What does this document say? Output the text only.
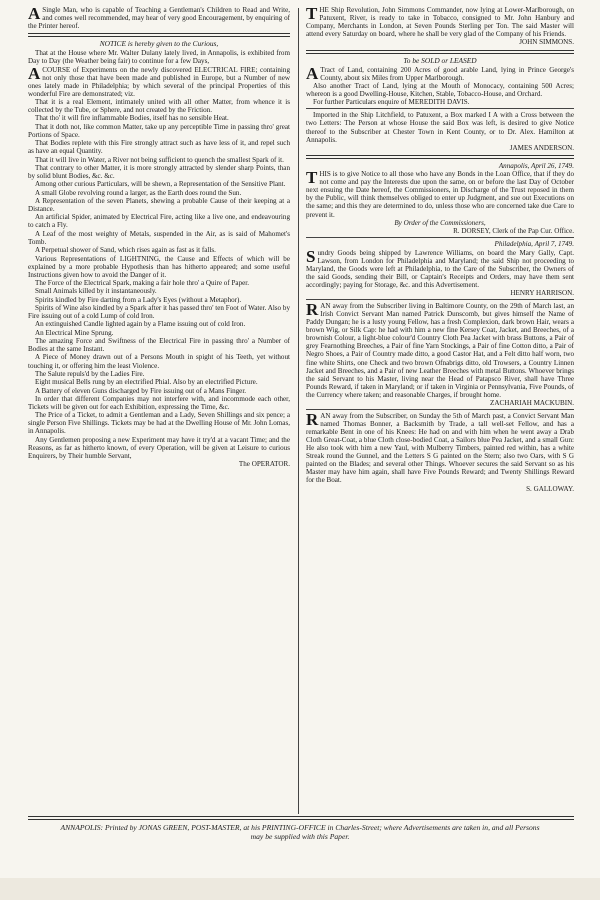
ASingle Man, who is capable of Teaching a Gentleman's Children to Read and Write, and comes well recommended, may hear of very good Encouragement, by enquiring of the Printer hereof.

NOTICE is hereby given to the Curious,

That at the House where Mr. Walter Dulany lately lived, in Annapolis, is exhibited from Day to Day (the Weather being fair) to continue for a few Days,

ACOURSE of Experiments on the newly discovered ELECTRICAL FIRE; containing not only those that have been made and published in Europe, but a Number of new ones lately made in Philadelphia; by which several of the principal Properties of this wonderful Fire are demonstrated; viz.

That it is a real Element, intimately united with all other Matter, from whence it is collected by the Tube, or Sphere, and not created by the Friction.

That tho' it will fire inflammable Bodies, itself has no sensible Heat.

That it doth not, like common Matter, take up any perceptible Time in passing thro' great Portions of Space.

That Bodies replete with this Fire strongly attract such as have less of it, and repel such as have an equal Quantity.

That it will live in Water, a River not being sufficient to quench the smallest Spark of it.

That contrary to other Matter, it is more strongly attracted by slender sharp Points, than by solid blunt Bodies, &c. &c.

Among other curious Particulars, will be shewn, a Representation of the Sensitive Plant.

A small Globe revolving round a larger, as the Earth does round the Sun.

A Representation of the seven Planets, shewing a probable Cause of their keeping at a Distance.

An artificial Spider, animated by Electrical Fire, acting like a live one, and endeavouring to catch a Fly.

A Leaf of the most weighty of Metals, suspended in the Air, as is said of Mahomet's Tomb.

A Perpetual shower of Sand, which rises again as fast as it falls.

Various Representations of LIGHTNING, the Cause and Effects of which will be explained by a more probable Hypothesis than has hitherto appeared; and some useful Instructions given how to avoid the Danger of it.

The Force of the Electrical Spark, making a fair hole thro' a Quire of Paper.

Small Animals killed by it instantaneously.

Spirits kindled by Fire darting from a Lady's Eyes (without a Metaphor).

Spirits of Wine also kindled by a Spark after it has passed thro' ten Foot of Water. Also by Fire issuing out of a cold Lump of cold Iron.

An extinguished Candle lighted again by a Flame issuing out of cold Iron.

An Electrical Mine Sprung.

The amazing Force and Swiftness of the Electrical Fire in passing thro' a Number of Bodies at the same Instant.

A Piece of Money drawn out of a Persons Mouth in spight of his Teeth, yet without touching it, or offering him the least Violence.

The Salute repuls'd by the Ladies Fire.

Eight musical Bells rung by an electrified Phial. Also by an electrified Picture.

A Battery of eleven Guns discharged by Fire issuing out of a Mans Finger.

In order that different Companies may not interfere with, and incommode each other, Tickets will be given out for each Exhibition, expressing the Time, &c.

The Price of a Ticket, to admit a Gentleman and a Lady, Seven Shillings and six pence; a single Person Five Shillings. Tickets may be had at the Dwelling House of Mr. John Lomas, in Annapolis.

Any Gentlemen proposing a new Experiment may have it try'd at a vacant Time; and the Reasons, as far as hitherto known, of every Operation, will be given at Leisure to curious Enquirers, by Their humble Servant,

The OPERATOR.

THE Ship Revolution, John Simmons Commander, now lying at Lower-Marlborough, on Patuxent, River, is ready to take in Tobacco, consigned to Mr. John Hanbury and Company, Merchants in London, at Seven Pounds Sterling per Ton. The said Master will attend every Saturday on board, where he shall be very glad of the Company of his Friends.

JOHN SIMMONS.

To be SOLD or LEASED

ATract of Land, containing 200 Acres of good arable Land, lying in Prince George's County, about six Miles from Upper Marlborough.

Also another Tract of Land, lying at the Mouth of Monocacy, containing 500 Acres; whereon is a good Dwelling-House, Kitchen, Stable, Tobacco-House, and Orchard.

For further Particulars enquire of MEREDITH DAVIS.

Imported in the Ship Litchfield, to Patuxent, a Box marked I A with a Cross between the two Letters: The Person at whose House the said Box was left, is desired to give Notice thereof to the Subscriber at Chester Town in Kent County, or to Dr. Alex. Hamilton at Annapolis.

JAMES ANDERSON.

Annapolis, April 26, 1749.

THIS is to give Notice to all those who have any Bonds in the Loan Office, that if they do not come and pay the Interests due upon the same, on or before the last Day of October next ensuing the Date hereof, the Commissioners, in Discharge of the Trust reposed in them by the Public, will think themselves obliged to enter up Judgment, and sue out Executions on the same; and this they are determined to do, unless those who are concerned take due Care to prevent it.

By Order of the Commissioners,

R. DORSEY, Clerk of the Pap Cur. Office.

Philadelphia, April 7, 1749.

Sundry Goods being shipped by Lawrence Williams, on board the Mary Gally, Capt. Lawson, from London for Philadelphia and Maryland; the said Ship not proceeding to Maryland, the Goods were left at Philadelphia, to the Care of the Subscriber, the Owners of the said Goods, sending their Bill, or Captain's Receipts and Orders, may have them sent accordingly; paying for Storage, &c. and this Advertisement.

HENRY HARRISON.

RAN away from the Subscriber living in Baltimore County, on the 29th of March last, an Irish Convict Servant Man named Patrick Dunscomb, but gives himself the Name of Paddy Dungan; he is a lusty young Fellow, has a fresh Complexion, dark brown Hair, wears a brown Wig, or Silk Cap: he had with him a new fine Kersey Coat, Jacket, and Breeches, of a brownish Colour, a light-blue colour'd Country Cloth Pea Jacket with brass Buttons, a Pair of grey Fearnothing Breeches, a Pair of fine Yarn Stockings, a Pair of fine Cotton ditto, a Pair of Negro Shoes, a Pair of Country made ditto, a good Castor Hat, and a Felt ditto half worn, two fine white Shirts, one Check and two brown Ofnabrigs ditto, old Trowsers, a Country Linnen Jacket and Breeches, and a Pair of new Leather Breeches with metal Buttons. Whoever brings the said Servant to his Master, living near the Head of Patapsco River, shall have Three Pounds Reward, if taken in Maryland; or if taken in Virginia or Pennsylvania, Five Pounds, of the Currency where taken; and reasonable Charges, if brought home.

ZACHARIAH MACKUBIN.

RAN away from the Subscriber, on Sunday the 5th of March past, a Convict Servant Man named Thomas Bonner, a Backsmith by Trade, a tall well-set Fellow, and has a remarkable Bent in one of his Knees: He had on and with him when he went away a Drab Cloth Great-Coat, a blue Cloth close-bodied Coat, a Sailors blue Pea Jacket, and a small Gun: He also took with him a new Yaul, with Mulberry Timbers, painted red within, has a white Streak round the Gunnel, and the Letters S G painted on the Stern; also two Oars, with S G painted on the Blades; and several other Things. Whoever secures the said Servant so as his Master may have him again, shall have Five Pounds Reward; and Twenty Shillings Reward for the Boat.

S. GALLOWAY.

ANNAPOLIS: Printed by JONAS GREEN, POST-MASTER, at his PRINTING-OFFICE in Charles-Street; where Advertisements are taken in, and all Persons may be supplied with this Paper.
